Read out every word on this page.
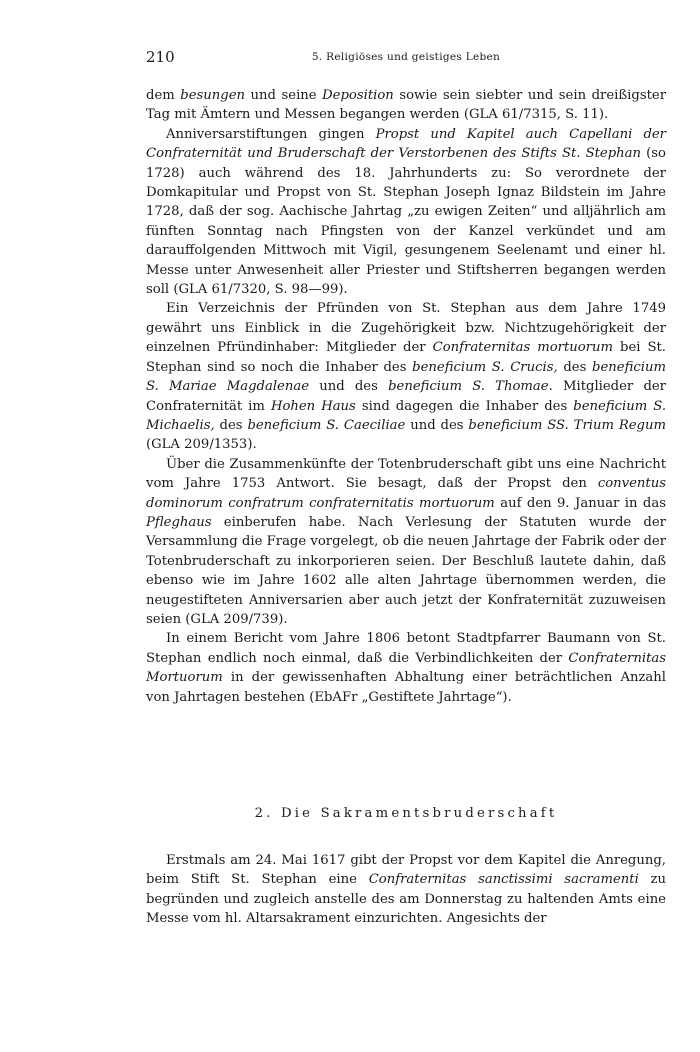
210	5. Religiöses und geistiges Leben

dem besungen und seine Deposition sowie sein siebter und sein dreißigster Tag mit Ämtern und Messen begangen werden (GLA 61/7315, S. 11).

Anniversarstiftungen gingen Propst und Kapitel auch Capellani der Confraternität und Bruderschaft der Verstorbenen des Stifts St. Stephan (so 1728) auch während des 18. Jahrhunderts zu: So verordnete der Domkapitular und Propst von St. Stephan Joseph Ignaz Bildstein im Jahre 1728, daß der sog. Aachische Jahrtag „zu ewigen Zeiten“ und alljährlich am fünften Sonntag nach Pfingsten von der Kanzel verkündet und am darauffolgenden Mittwoch mit Vigil, gesungenem Seelenamt und einer hl. Messe unter Anwesenheit aller Priester und Stiftsherren begangen werden soll (GLA 61/7320, S. 98—99).

Ein Verzeichnis der Pfründen von St. Stephan aus dem Jahre 1749 gewährt uns Einblick in die Zugehörigkeit bzw. Nichtzugehörigkeit der einzelnen Pfründinhaber: Mitglieder der Confraternitas mortuorum bei St. Stephan sind so noch die Inhaber des beneficium S. Crucis, des beneficium S. Mariae Magdalenae und des beneficium S. Thomae. Mitglieder der Confraternität im Hohen Haus sind dagegen die Inhaber des beneficium S. Michaelis, des beneficium S. Caeciliae und des beneficium SS. Trium Regum (GLA 209/1353).

Über die Zusammenkünfte der Totenbruderschaft gibt uns eine Nachricht vom Jahre 1753 Antwort. Sie besagt, daß der Propst den conventus dominorum confratrum confraternitatis mortuorum auf den 9. Januar in das Pfleghaus einberufen habe. Nach Verlesung der Statuten wurde der Versammlung die Frage vorgelegt, ob die neuen Jahrtage der Fabrik oder der Totenbruderschaft zu inkorporieren seien. Der Beschluß lautete dahin, daß ebenso wie im Jahre 1602 alle alten Jahrtage übernommen werden, die neugestifteten Anniversarien aber auch jetzt der Konfraternität zuzuweisen seien (GLA 209/739).

In einem Bericht vom Jahre 1806 betont Stadtpfarrer Baumann von St. Stephan endlich noch einmal, daß die Verbindlichkeiten der Confraternitas Mortuorum in der gewissenhaften Abhaltung einer beträchtlichen Anzahl von Jahrtagen bestehen (EbAFr „Gestiftete Jahrtage“).

2. Die Sakramentsbruderschaft

Erstmals am 24. Mai 1617 gibt der Propst vor dem Kapitel die Anregung, beim Stift St. Stephan eine Confraternitas sanctissimi sacramenti zu begründen und zugleich anstelle des am Donnerstag zu haltenden Amts eine Messe vom hl. Altarsakrament einzurichten. Angesichts der
